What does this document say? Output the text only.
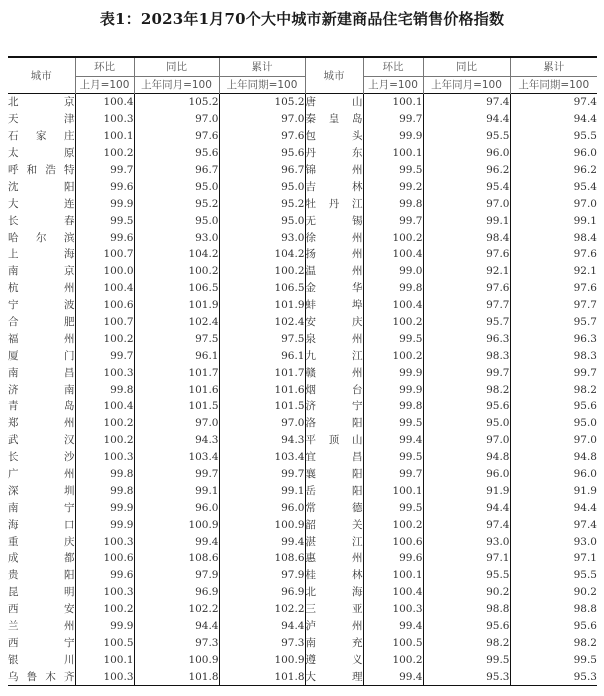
表1：2023年1月70个大中城市新建商品住宅销售价格指数
城市	环比	同比	累计	城市	环比	同比	累计
	上月=100	上年同月=100	上年同期=100		上月=100	上年同月=100	上年同期=100
北　　京	100.4	105.2	105.2	唐　　山	100.1	97.4	97.4
天　　津	100.3	97.0	97.0	秦皇岛	99.7	94.4	94.4
石家庄	100.1	97.6	97.6	包　　头	99.9	95.5	95.5
太　　原	100.2	95.6	95.6	丹　　东	100.1	96.0	96.0
呼和浩特	99.7	96.7	96.7	锦　　州	99.5	96.2	96.2
沈　　阳	99.6	95.0	95.0	吉　　林	99.2	95.4	95.4
大　　连	99.9	95.2	95.2	牡丹江	99.8	97.0	97.0
长　　春	99.5	95.0	95.0	无　　锡	99.7	99.1	99.1
哈尔滨	99.6	93.0	93.0	徐　　州	100.2	98.4	98.4
上　　海	100.7	104.2	104.2	扬　　州	100.4	97.6	97.6
南　　京	100.0	100.2	100.2	温　　州	99.0	92.1	92.1
杭　　州	100.4	106.5	106.5	金　　华	99.8	97.6	97.6
宁　　波	100.6	101.9	101.9	蚌　　埠	100.4	97.7	97.7
合　　肥	100.7	102.4	102.4	安　　庆	100.2	95.7	95.7
福　　州	100.2	97.5	97.5	泉　　州	99.5	96.3	96.3
厦　　门	99.7	96.1	96.1	九　　江	100.2	98.3	98.3
南　　昌	100.3	101.7	101.7	赣　　州	99.9	99.7	99.7
济　　南	99.8	101.6	101.6	烟　　台	99.9	98.2	98.2
青　　岛	100.4	101.5	101.5	济　　宁	99.8	95.6	95.6
郑　　州	100.2	97.0	97.0	洛　　阳	99.5	95.0	95.0
武　　汉	100.2	94.3	94.3	平顶山	99.4	97.0	97.0
长　　沙	100.3	103.4	103.4	宜　　昌	99.5	94.8	94.8
广　　州	99.8	99.7	99.7	襄　　阳	99.7	96.0	96.0
深　　圳	99.8	99.1	99.1	岳　　阳	100.1	91.9	91.9
南　　宁	99.9	96.0	96.0	常　　德	99.5	94.4	94.4
海　　口	99.9	100.9	100.9	韶　　关	100.2	97.4	97.4
重　　庆	100.3	99.4	99.4	湛　　江	100.6	93.0	93.0
成　　都	100.6	108.6	108.6	惠　　州	99.6	97.1	97.1
贵　　阳	99.6	97.9	97.9	桂　　林	100.1	95.5	95.5
昆　　明	100.3	96.9	96.9	北　　海	100.4	90.2	90.2
西　　安	100.2	102.2	102.2	三　　亚	100.3	98.8	98.8
兰　　州	99.9	94.4	94.4	泸　　州	99.4	95.6	95.6
西　　宁	100.5	97.3	97.3	南　　充	100.5	98.2	98.2
银　　川	100.1	100.9	100.9	遵　　义	100.2	99.5	99.5
乌鲁木齐	100.3	101.8	101.8	大　　理	99.4	95.3	95.3
